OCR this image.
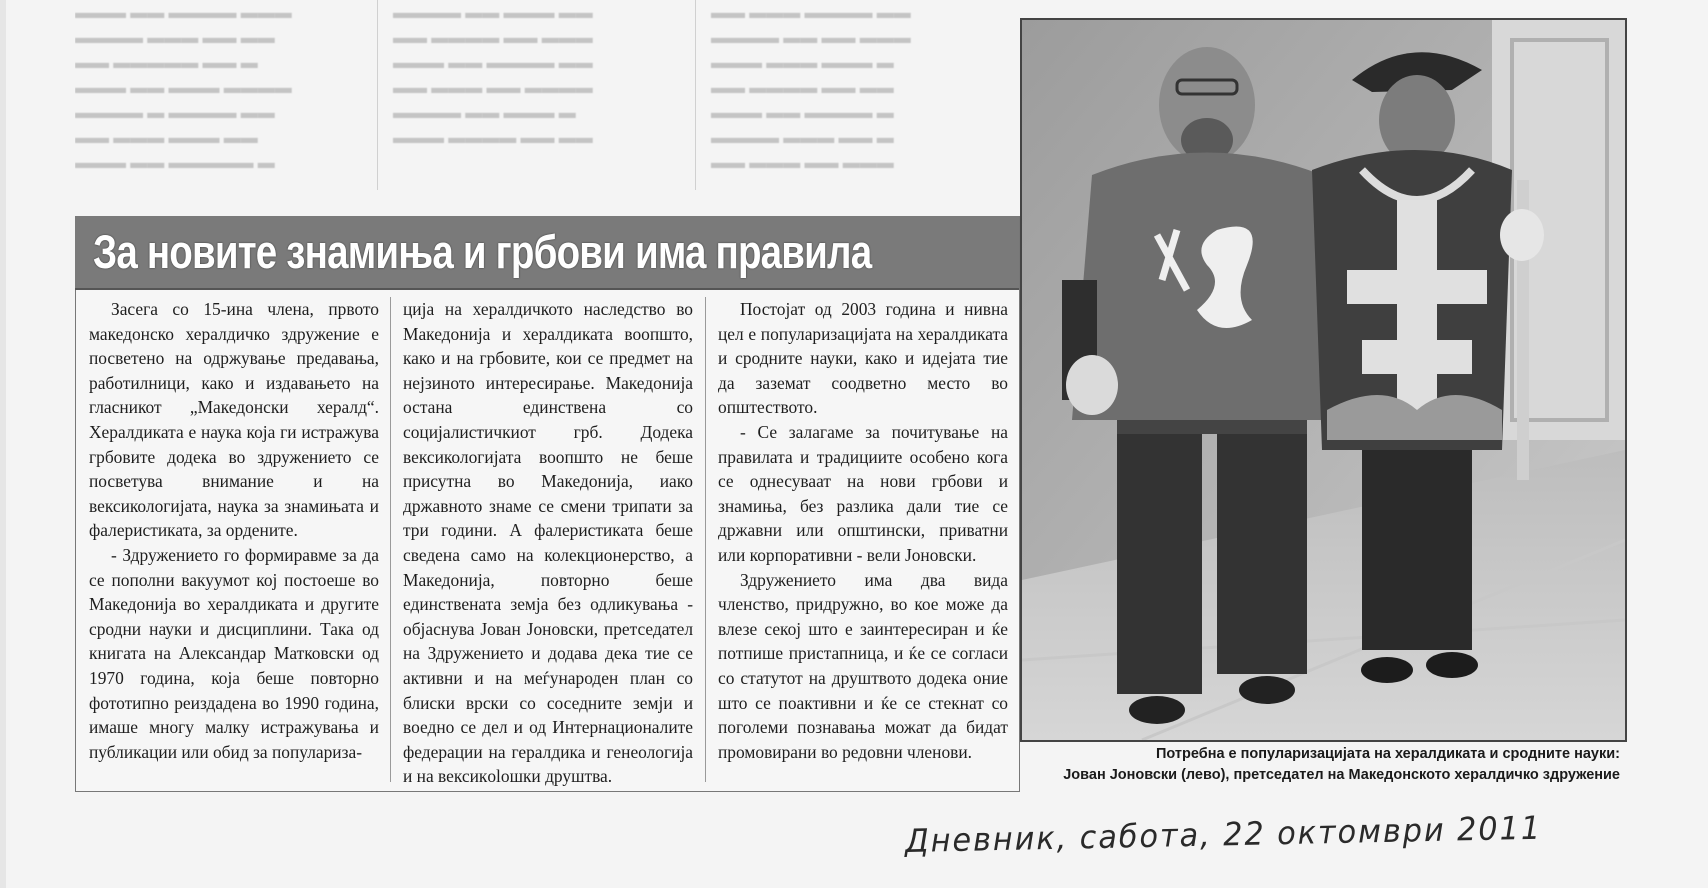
▬▬▬ ▬▬ ▬▬▬▬ ▬▬▬
▬▬▬▬ ▬▬▬ ▬▬ ▬▬
▬▬ ▬▬▬▬▬ ▬▬ ▬
▬▬▬ ▬▬ ▬▬▬ ▬▬▬▬
▬▬▬▬ ▬ ▬▬▬▬ ▬▬
▬▬ ▬▬▬ ▬▬▬ ▬▬
▬▬▬ ▬▬ ▬▬▬▬▬ ▬
▬▬▬▬ ▬▬ ▬▬▬ ▬▬
▬▬ ▬▬▬▬ ▬▬ ▬▬▬
▬▬▬ ▬▬ ▬▬▬▬ ▬▬
▬▬ ▬▬▬ ▬▬ ▬▬▬▬
▬▬▬▬ ▬▬ ▬▬▬ ▬
▬▬▬ ▬▬▬▬ ▬▬ ▬▬
▬▬ ▬▬▬ ▬▬▬▬ ▬▬
▬▬▬▬ ▬▬ ▬▬ ▬▬▬
▬▬▬ ▬▬▬ ▬▬▬ ▬
▬▬ ▬▬▬▬ ▬▬ ▬▬
▬▬▬ ▬▬ ▬▬▬▬ ▬
▬▬▬▬ ▬▬▬ ▬▬ ▬
▬▬ ▬▬▬ ▬▬ ▬▬▬
За новите знамиња и грбови има правила

Засега со 15-ина члена, првото македонско хералдичко здружение е посветено на одржување предавања, работилници, како и издавањето на гласникот „Македонски хералд“. Хералдиката е наука која ги истражува грбовите додека во здружението се посветува внимание и на вексикологијата, наука за знамињата и фалеристиката, за ордените.

- Здружението го формиравме за да се пополни вакуумот кој постоеше во Македонија во хералдиката и другите сродни науки и дисциплини. Така од книгата на Александар Матковски од 1970 година, која беше повторно фототипно реиздадена во 1990 година, имаше многу малку истражувања и публикации или обид за популариза-

ција на хералдичкото наследство во Македонија и хералдиката воопшто, како и на грбовите, кои се предмет на нејзиното интересирање. Македонија остана единствена со социјалистичкиот грб. Додека вексикологијата воопшто не беше присутна во Македонија, иако државното знаме се смени трипати за три години. А фалеристиката беше сведена само на колекционерство, а Македонија, повторно беше единствената земја без одликувања - објаснува Јован Јоновски, претседател на Здружението и додава дека тие се активни и на меѓународен план со блиски врски со соседните земји и воедно се дел и од Интернационалите федерации на гералдика и генеологија и на вексикolошки друштва.

Постојат од 2003 година и нивна цел е популаризацијата на хералдиката и сродните науки, како и идејата тие да заземат соодветно место во општеството.

- Се залагаме за почитување на правилата и традициите особено кога се однесуваат на нови грбови и знамиња, без разлика дали тие се државни или општински, приватни или корпоративни - вели Јоновски.

Здружението има два вида членство, придружно, во кое може да влезе секој што е заинтересиран и ќе потпише пристапница, и ќе се согласи со статутот на друштвото додека оние што се поактивни и ќе се стекнат со поголеми познавања можат да бидат промовирани во редовни членови.	Потребна е популаризацијата на хералдиката и сродните науки:
Јован Јоновски (лево), претседател на Македонското хералдичко здружение
Дневник, сабота, 22 октомври 2011
